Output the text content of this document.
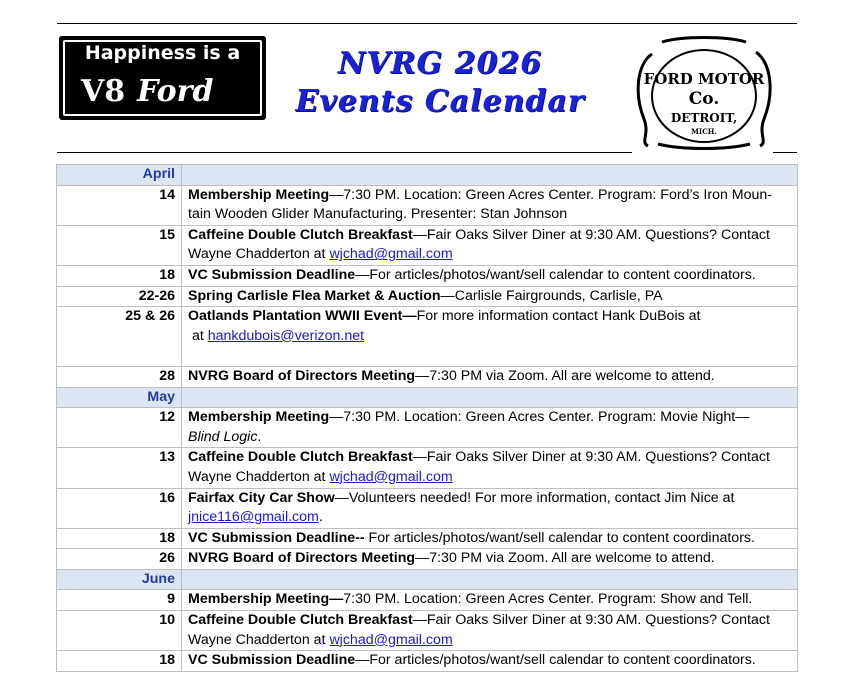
Happiness is a
V8 Ford
NVRG 2026
Events Calendar
FORD MOTOR
Co.
DETROIT,
MICH.
April	
14	Membership Meeting—7:30 PM. Location: Green Acres Center. Program: Ford’s Iron Moun-
tain Wooden Glider Manufacturing. Presenter: Stan Johnson
15	Caffeine Double Clutch Breakfast—Fair Oaks Silver Diner at 9:30 AM. Questions? Contact
Wayne Chadderton at wjchad@gmail.com
18	VC Submission Deadline—For articles/photos/want/sell calendar to content coordinators.
22-26	Spring Carlisle Flea Market & Auction—Carlisle Fairgrounds, Carlisle, PA
25 & 26	Oatlands Plantation WWII Event—For more information contact Hank DuBois at
at hankdubois@verizon.net

28	NVRG Board of Directors Meeting—7:30 PM via Zoom. All are welcome to attend.
May	
12	Membership Meeting—7:30 PM. Location: Green Acres Center. Program: Movie Night—
Blind Logic.
13	Caffeine Double Clutch Breakfast—Fair Oaks Silver Diner at 9:30 AM. Questions? Contact
Wayne Chadderton at wjchad@gmail.com
16	Fairfax City Car Show—Volunteers needed! For more information, contact Jim Nice at
jnice116@gmail.com.
18	VC Submission Deadline-- For articles/photos/want/sell calendar to content coordinators.
26	NVRG Board of Directors Meeting—7:30 PM via Zoom. All are welcome to attend.
June	
9	Membership Meeting—7:30 PM. Location: Green Acres Center. Program: Show and Tell.
10	Caffeine Double Clutch Breakfast—Fair Oaks Silver Diner at 9:30 AM. Questions? Contact
Wayne Chadderton at wjchad@gmail.com
18	VC Submission Deadline—For articles/photos/want/sell calendar to content coordinators.
